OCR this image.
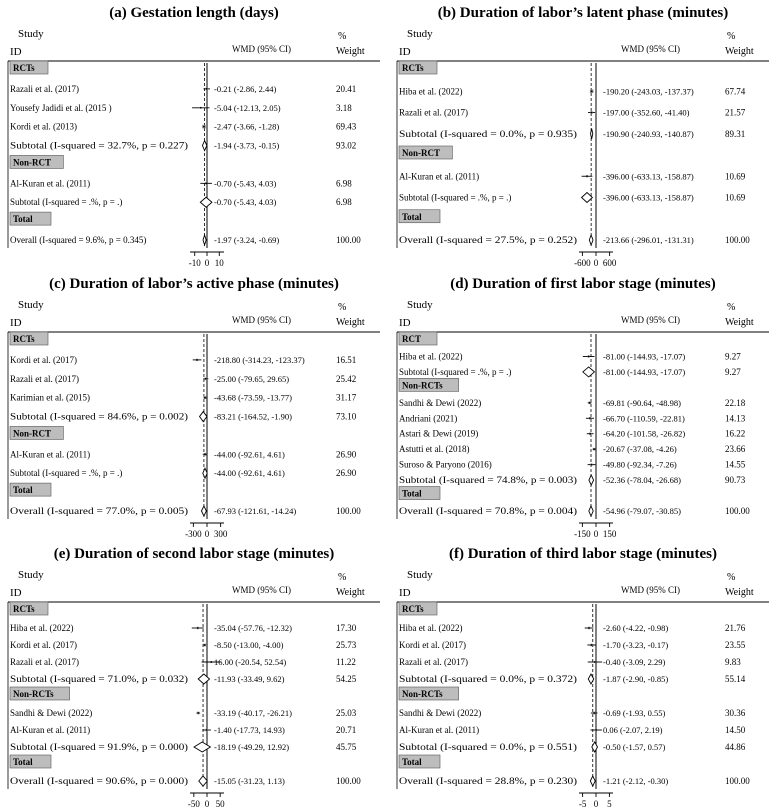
(a) Gestation length (days)
Study
ID	WMD (95% CI)
%
Weight
RCTs
Razali et al. (2017)	-0.21 (-2.86, 2.44)	20.41
Yousefy Jadidi et al. (2015 )	-5.04 (-12.13, 2.05)	3.18
Kordi et al. (2013)	-2.47 (-3.66, -1.28)	69.43
Subtotal (I-squared = 32.7%, p = 0.227)	-1.94 (-3.73, -0.15)	93.02
Non-RCT
Al-Kuran et al. (2011)	-0.70 (-5.43, 4.03)	6.98
Subtotal (I-squared = .%, p = .)	-0.70 (-5.43, 4.03)	6.98
Total
Overall (I-squared = 9.6%, p = 0.345)	-1.97 (-3.24, -0.69)	100.00
-10 0 10
(b) Duration of labor’s latent phase (minutes)
Study
ID	WMD (95% CI)
%
Weight
RCTs
Hiba et al. (2022)	-190.20 (-243.03, -137.37)	67.74
Razali et al. (2017)	-197.00 (-352.60, -41.40)	21.57
Subtotal (I-squared = 0.0%, p = 0.935)	-190.90 (-240.93, -140.87)	89.31
Non-RCT
Al-Kuran et al. (2011)	-396.00 (-633.13, -158.87)	10.69
Subtotal (I-squared = .%, p = .)	-396.00 (-633.13, -158.87)	10.69
Total
Overall (I-squared = 27.5%, p = 0.252)	-213.66 (-296.01, -131.31)	100.00
-600 0 600
(c) Duration of labor’s active phase (minutes)
Study
ID	WMD (95% CI)
%
Weight
RCTs
Kordi et al. (2017)	-218.80 (-314.23, -123.37)	16.51
Razali et al. (2017)	-25.00 (-79.65, 29.65)	25.42
Karimian et al. (2015)	-43.68 (-73.59, -13.77)	31.17
Subtotal (I-squared = 84.6%, p = 0.002)	-83.21 (-164.52, -1.90)	73.10
Non-RCT
Al-Kuran et al. (2011)	-44.00 (-92.61, 4.61)	26.90
Subtotal (I-squared = .%, p = .)	-44.00 (-92.61, 4.61)	26.90
Total
Overall (I-squared = 77.0%, p = 0.005)	-67.93 (-121.61, -14.24)	100.00
-300 0 300
(d) Duration of first labor stage (minutes)
Study
ID	WMD (95% CI)
%
Weight
RCT
Hiba et al. (2022)	-81.00 (-144.93, -17.07)	9.27
Subtotal (I-squared = .%, p = .)	-81.00 (-144.93, -17.07)	9.27
Non-RCTs
Sandhi & Dewi (2022)	-69.81 (-90.64, -48.98)	22.18
Andriani (2021)	-66.70 (-110.59, -22.81)	14.13
Astari & Dewi (2019)	-64.20 (-101.58, -26.82)	16.22
Astutti et al. (2018)	-20.67 (-37.08, -4.26)	23.66
Suroso & Paryono (2016)	-49.80 (-92.34, -7.26)	14.55
Subtotal (I-squared = 74.8%, p = 0.003)	-52.36 (-78.04, -26.68)	90.73
Total
Overall (I-squared = 70.8%, p = 0.004)	-54.96 (-79.07, -30.85)	100.00
-150 0 150
(e) Duration of second labor stage (minutes)
Study
ID	WMD (95% CI)
%
Weight
RCTs
Hiba et al. (2022)	-35.04 (-57.76, -12.32)	17.30
Kordi et al. (2017)	-8.50 (-13.00, -4.00)	25.73
Razali et al. (2017)	16.00 (-20.54, 52.54)	11.22
Subtotal (I-squared = 71.0%, p = 0.032)	-11.93 (-33.49, 9.62)	54.25
Non-RCTs
Sandhi & Dewi (2022)	-33.19 (-40.17, -26.21)	25.03
Al-Kuran et al. (2011)	-1.40 (-17.73, 14.93)	20.71
Subtotal (I-squared = 91.9%, p = 0.000)	-18.19 (-49.29, 12.92)	45.75
Total
Overall (I-squared = 90.6%, p = 0.000)	-15.05 (-31.23, 1.13)	100.00
-50 0 50
(f) Duration of third labor stage (minutes)
Study
ID	WMD (95% CI)
%
Weight
RCTs
Hiba et al. (2022)	-2.60 (-4.22, -0.98)	21.76
Kordi et al. (2017)	-1.70 (-3.23, -0.17)	23.55
Razali et al. (2017)	-0.40 (-3.09, 2.29)	9.83
Subtotal (I-squared = 0.0%, p = 0.372)	-1.87 (-2.90, -0.85)	55.14
Non-RCTs
Sandhi & Dewi (2022)	-0.69 (-1.93, 0.55)	30.36
Al-Kuran et al. (2011)	0.06 (-2.07, 2.19)	14.50
Subtotal (I-squared = 0.0%, p = 0.551)	-0.50 (-1.57, 0.57)	44.86
Total
Overall (I-squared = 28.8%, p = 0.230)	-1.21 (-2.12, -0.30)	100.00
-5 0 5
